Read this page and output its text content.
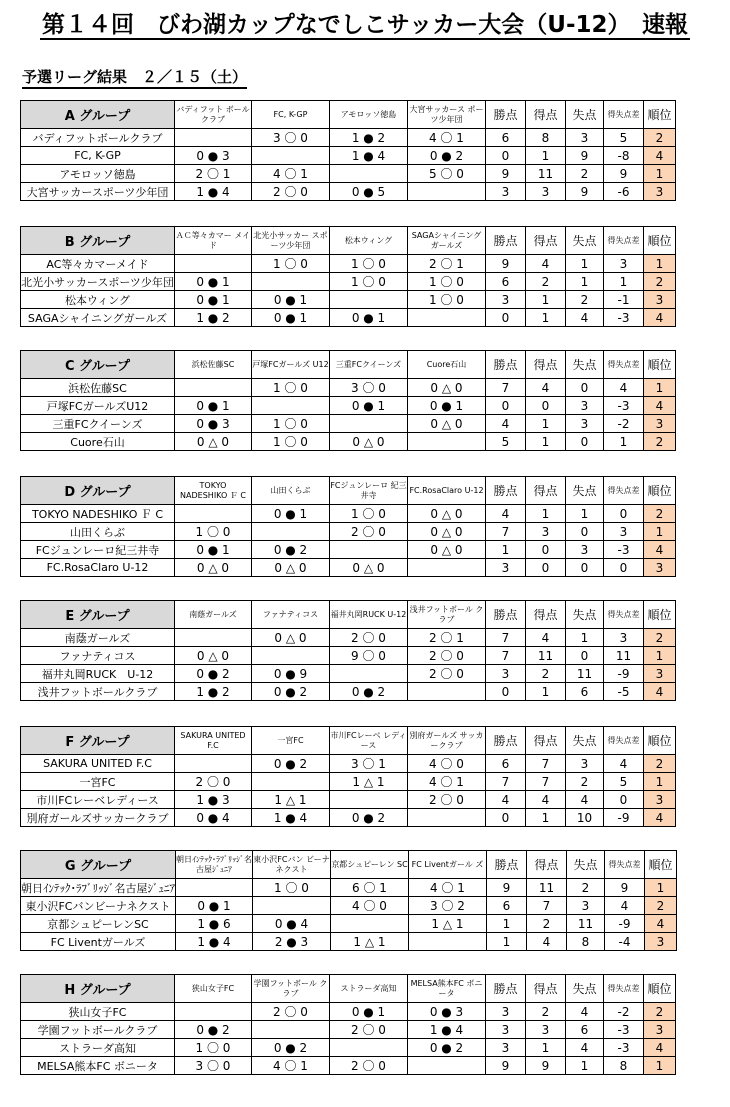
第１４回　びわ湖カップなでしこサッカー大会（U-12）　速報
予選リーグ結果　２／１５（土）
A グループ	バディフット ボールクラブ	FC, K-GP	アモロッソ徳島	大宮サッカース ポーツ少年団	勝点	得点	失点	得失点差	順位
バディフットボールクラブ		3 〇 0	1 ● 2	4 〇 1	6	8	3	5	2
FC, K-GP	0 ● 3		1 ● 4	0 ● 2	0	1	9	-8	4
アモロッソ徳島	2 〇 1	4 〇 1		5 〇 0	9	11	2	9	1
大宮サッカースポーツ少年団	1 ● 4	2 〇 0	0 ● 5		3	3	9	-6	3
B グループ	ＡＣ等々カマー メイド	北光小サッカー スポーツ少年団	松本ウィング	SAGAシャイニング ガールズ	勝点	得点	失点	得失点差	順位
AC等々カマーメイド		1 〇 0	1 〇 0	2 〇 1	9	4	1	3	1
北光小サッカースポーツ少年団	0 ● 1		1 〇 0	1 〇 0	6	2	1	1	2
松本ウィング	0 ● 1	0 ● 1		1 〇 0	3	1	2	-1	3
SAGAシャイニングガールズ	1 ● 2	0 ● 1	0 ● 1		0	1	4	-3	4
C グループ	浜松佐藤SC	戸塚FCガールズ U12	三重FCクイーンズ	Cuore石山	勝点	得点	失点	得失点差	順位
浜松佐藤SC		1 〇 0	3 〇 0	0 △ 0	7	4	0	4	1
戸塚FCガールズU12	0 ● 1		0 ● 1	0 ● 1	0	0	3	-3	4
三重FCクイーンズ	0 ● 3	1 〇 0		0 △ 0	4	1	3	-2	3
Cuore石山	0 △ 0	1 〇 0	0 △ 0		5	1	0	1	2
D グループ	TOKYO NADESHIKO Ｆ C	山田くらぶ	FCジュンレーロ 紀三井寺	FC.RosaClaro U-12	勝点	得点	失点	得失点差	順位
TOKYO NADESHIKO Ｆ C		0 ● 1	1 〇 0	0 △ 0	4	1	1	0	2
山田くらぶ	1 〇 0		2 〇 0	0 △ 0	7	3	0	3	1
FCジュンレーロ紀三井寺	0 ● 1	0 ● 2		0 △ 0	1	0	3	-3	4
FC.RosaClaro U-12	0 △ 0	0 △ 0	0 △ 0		3	0	0	0	3
E グループ	南蔭ガールズ	ファナティコス	福井丸岡RUCK U-12	浅井フットボール クラブ	勝点	得点	失点	得失点差	順位
南蔭ガールズ		0 △ 0	2 〇 0	2 〇 1	7	4	1	3	2
ファナティコス	0 △ 0		9 〇 0	2 〇 0	7	11	0	11	1
福井丸岡RUCK　U-12	0 ● 2	0 ● 9		2 〇 0	3	2	11	-9	3
浅井フットボールクラブ	1 ● 2	0 ● 2	0 ● 2		0	1	6	-5	4
F グループ	SAKURA UNITED F.C	一宮FC	市川FCレーベ レディース	別府ガールズ サッカークラブ	勝点	得点	失点	得失点差	順位
SAKURA UNITED F.C		0 ● 2	3 〇 1	4 〇 0	6	7	3	4	2
一宮FC	2 〇 0		1 △ 1	4 〇 1	7	7	2	5	1
市川FCレーベレディース	1 ● 3	1 △ 1		2 〇 0	4	4	4	0	3
別府ガールズサッカークラブ	0 ● 4	1 ● 4	0 ● 2		0	1	10	-9	4
G グループ	朝日ｲﾝﾃｯｸ･ﾗﾌﾞﾘｯｼﾞ名 古屋ｼﾞｭﾆｱ	東小沢FCバン ビーナネクスト	京都シュピーレン SC	FC Liventガール ズ	勝点	得点	失点	得失点差	順位
朝日ｲﾝﾃｯｸ･ﾗﾌﾞﾘｯｼﾞ名古屋ｼﾞｭﾆｱ		1 〇 0	6 〇 1	4 〇 1	9	11	2	9	1
東小沢FCバンビーナネクスト	0 ● 1		4 〇 0	3 〇 2	6	7	3	4	2
京都シュピーレンSC	1 ● 6	0 ● 4		1 △ 1	1	2	11	-9	4
FC Liventガールズ	1 ● 4	2 ● 3	1 △ 1		1	4	8	-4	3
H グループ	狭山女子FC	学園フットボール クラブ	ストラーダ高知	MELSA熊本FC ボニータ	勝点	得点	失点	得失点差	順位
狭山女子FC		2 〇 0	0 ● 1	0 ● 3	3	2	4	-2	2
学園フットボールクラブ	0 ● 2		2 〇 0	1 ● 4	3	3	6	-3	3
ストラーダ高知	1 〇 0	0 ● 2		0 ● 2	3	1	4	-3	4
MELSA熊本FC ボニータ	3 〇 0	4 〇 1	2 〇 0		9	9	1	8	1
